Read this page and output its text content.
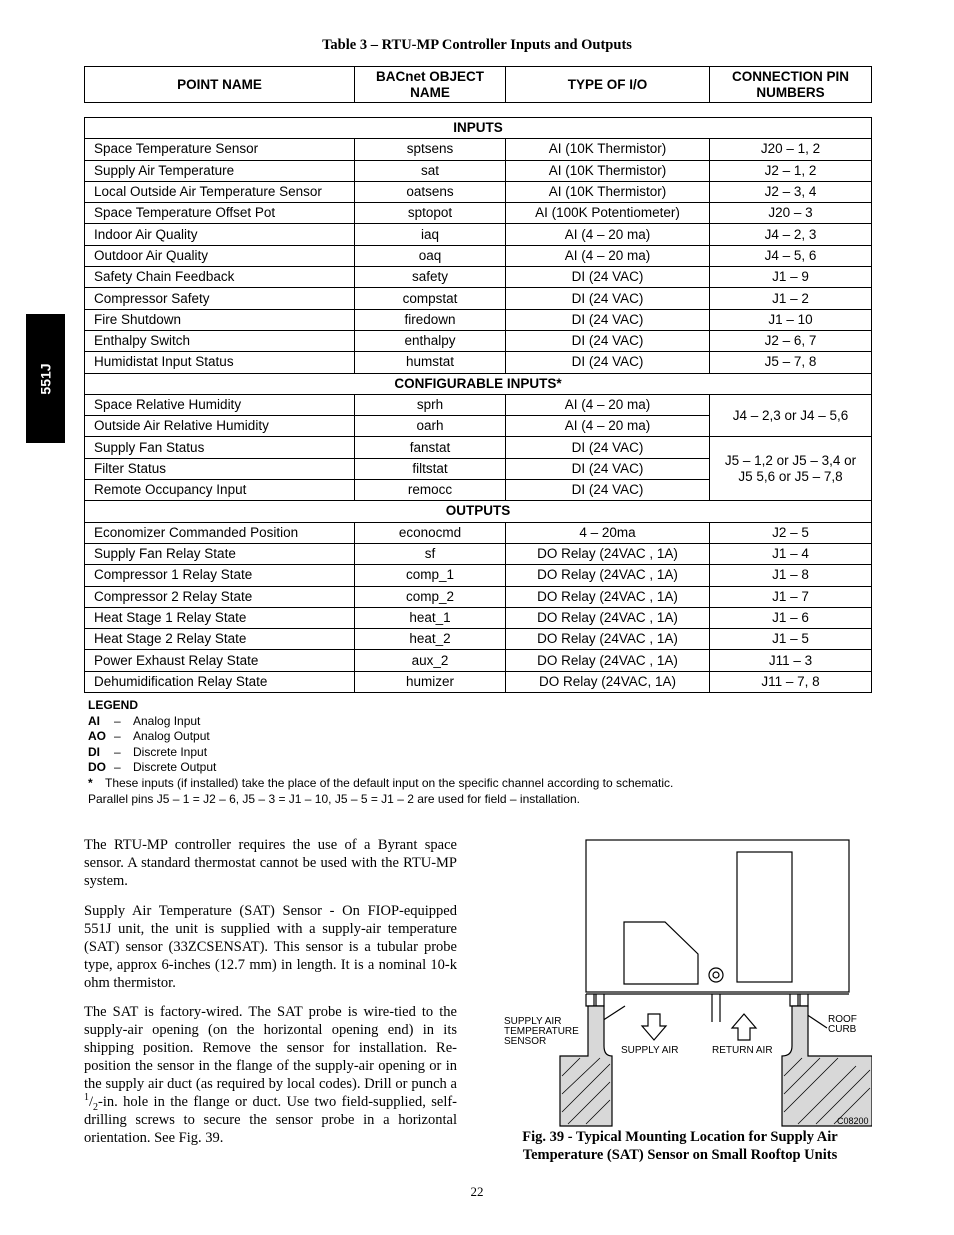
551J
Table 3 – RTU-MP Controller Inputs and Outputs
POINT NAME	BACnet OBJECT NAME	TYPE OF I/O	CONNECTION PIN NUMBERS
INPUTS			
Space Temperature Sensor	sptsens	AI (10K Thermistor)	J20 – 1, 2
Supply Air Temperature	sat	AI (10K Thermistor)	J2 – 1, 2
Local Outside Air Temperature Sensor	oatsens	AI (10K Thermistor)	J2 – 3, 4
Space Temperature Offset Pot	sptopot	AI (100K Potentiometer)	J20 – 3
Indoor Air Quality	iaq	AI (4 – 20 ma)	J4 – 2, 3
Outdoor Air Quality	oaq	AI (4 – 20 ma)	J4 – 5, 6
Safety Chain Feedback	safety	DI (24 VAC)	J1 – 9
Compressor Safety	compstat	DI (24 VAC)	J1 – 2
Fire Shutdown	firedown	DI (24 VAC)	J1 – 10
Enthalpy Switch	enthalpy	DI (24 VAC)	J2 – 6, 7
Humidistat Input Status	humstat	DI (24 VAC)	J5 – 7, 8
CONFIGURABLE INPUTS*			
Space Relative Humidity	sprh	AI (4 – 20 ma)	J4 – 2,3 or J4 – 5,6
Outside Air Relative Humidity	oarh	AI (4 – 20 ma)	
Supply Fan Status	fanstat	DI (24 VAC)	J5 – 1,2 or J5 – 3,4 or J5 5,6 or J5 – 7,8
Filter Status	filtstat	DI (24 VAC)	
Remote Occupancy Input	remocc	DI (24 VAC)	
OUTPUTS			
Economizer Commanded Position	econocmd	4 – 20ma	J2 – 5
Supply Fan Relay State	sf	DO Relay (24VAC , 1A)	J1 – 4
Compressor 1 Relay State	comp_1	DO Relay (24VAC , 1A)	J1 – 8
Compressor 2 Relay State	comp_2	DO Relay (24VAC , 1A)	J1 – 7
Heat Stage 1 Relay State	heat_1	DO Relay (24VAC , 1A)	J1 – 6
Heat Stage 2 Relay State	heat_2	DO Relay (24VAC , 1A)	J1 – 5
Power Exhaust Relay State	aux_2	DO Relay (24VAC , 1A)	J11 – 3
Dehumidification Relay State	humizer	DO Relay (24VAC, 1A)	J11 – 7, 8
LEGEND
AI	–	Analog Input
AO –	Analog Output
DI	–	Discrete Input
DO –	Discrete Output
*	These inputs (if installed) take the place of the default input on the specific channel according to schematic.
Parallel pins J5 – 1 = J2 – 6, J5 – 3 = J1 – 10, J5 – 5 = J1 – 2 are used for field – installation.

The RTU-MP controller requires the use of a Byrant space sensor. A standard thermostat cannot be used with the RTU-MP system.

Supply Air Temperature (SAT) Sensor - On FIOP-equipped 551J unit, the unit is supplied with a supply-air temperature (SAT) sensor (33ZCSENSAT). This sensor is a tubular probe type, approx 6-inches (12.7 mm) in length. It is a nominal 10-k ohm thermistor.

The SAT is factory-wired. The SAT probe is wire-tied to the supply-air opening (on the horizontal opening end) in its shipping position. Remove the sensor for installation. Re-position the sensor in the flange of the supply-air opening or in the supply air duct (as required by local codes). Drill or punch a $^1/_2-in$. hole in the flange or duct. Use two field-supplied, self-drilling screws to secure the sensor probe in a horizontal orientation. See Fig. 39.

SUPPLY AIR
TEMPERATURE
SENSOR
SUPPLY AIR	RETURN AIR
ROOF
CURB
C08200
Fig. 39 - Typical Mounting Location for Supply Air
Temperature (SAT) Sensor on Small Rooftop Units
22
